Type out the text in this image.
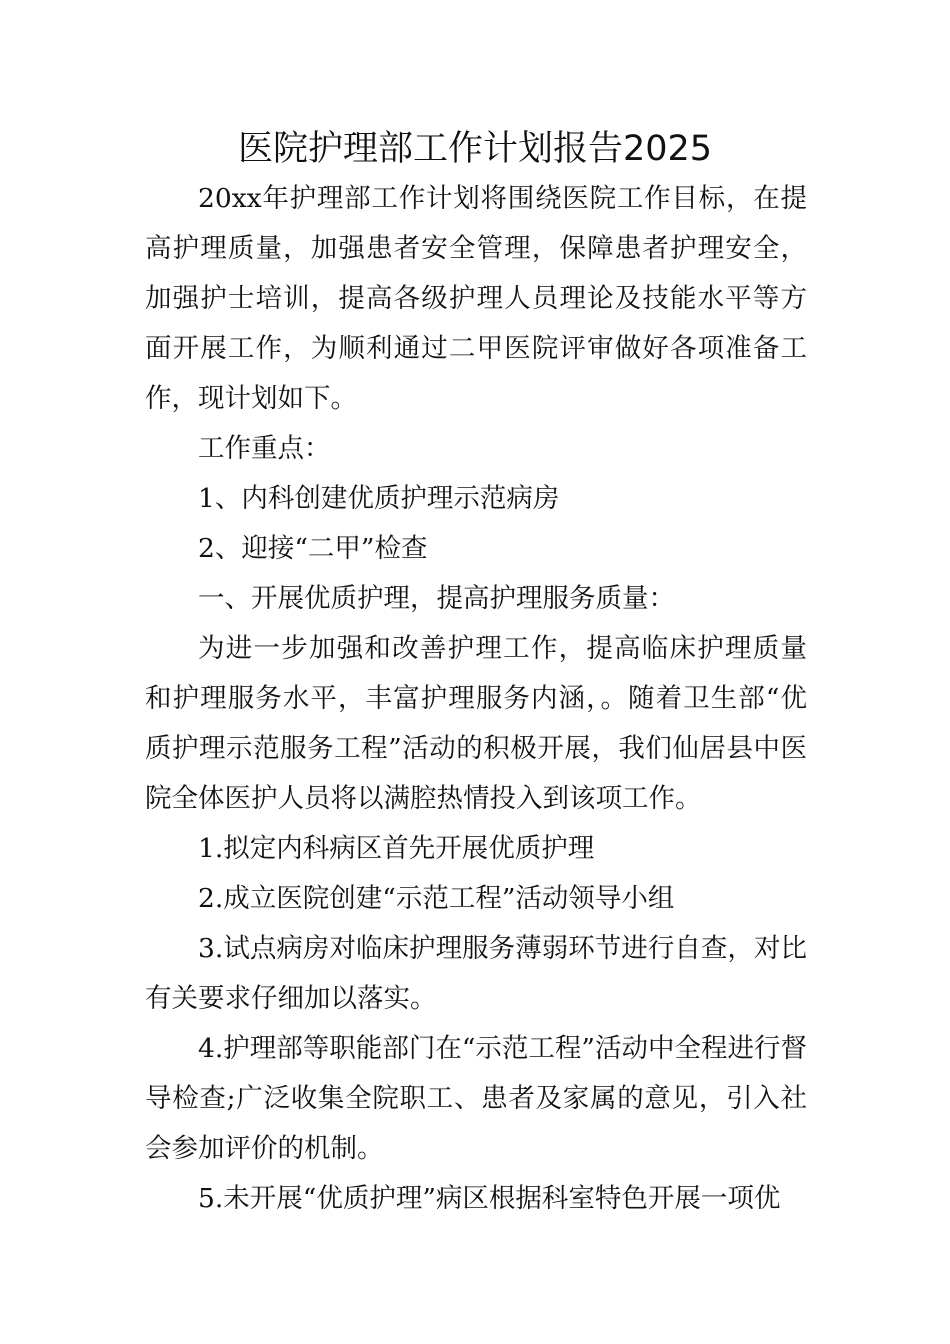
医院护理部工作计划报告2025

20xx年护理部工作计划将围绕医院工作目标，在提高护理质量，加强患者安全管理，保障患者护理安全，加强护士培训，提高各级护理人员理论及技能水平等方面开展工作，为顺利通过二甲医院评审做好各项准备工作，现计划如下。

工作重点：

1、内科创建优质护理示范病房

2、迎接“二甲”检查

一、开展优质护理，提高护理服务质量：

为进一步加强和改善护理工作，提高临床护理质量和护理服务水平，丰富护理服务内涵，。随着卫生部“优质护理示范服务工程”活动的积极开展，我们仙居县中医院全体医护人员将以满腔热情投入到该项工作。

1.拟定内科病区首先开展优质护理

2.成立医院创建“示范工程”活动领导小组

3.试点病房对临床护理服务薄弱环节进行自查，对比有关要求仔细加以落实。

4.护理部等职能部门在“示范工程”活动中全程进行督导检查;广泛收集全院职工、患者及家属的意见，引入社会参加评价的机制。

5.未开展“优质护理”病区根据科室特色开展一项优
